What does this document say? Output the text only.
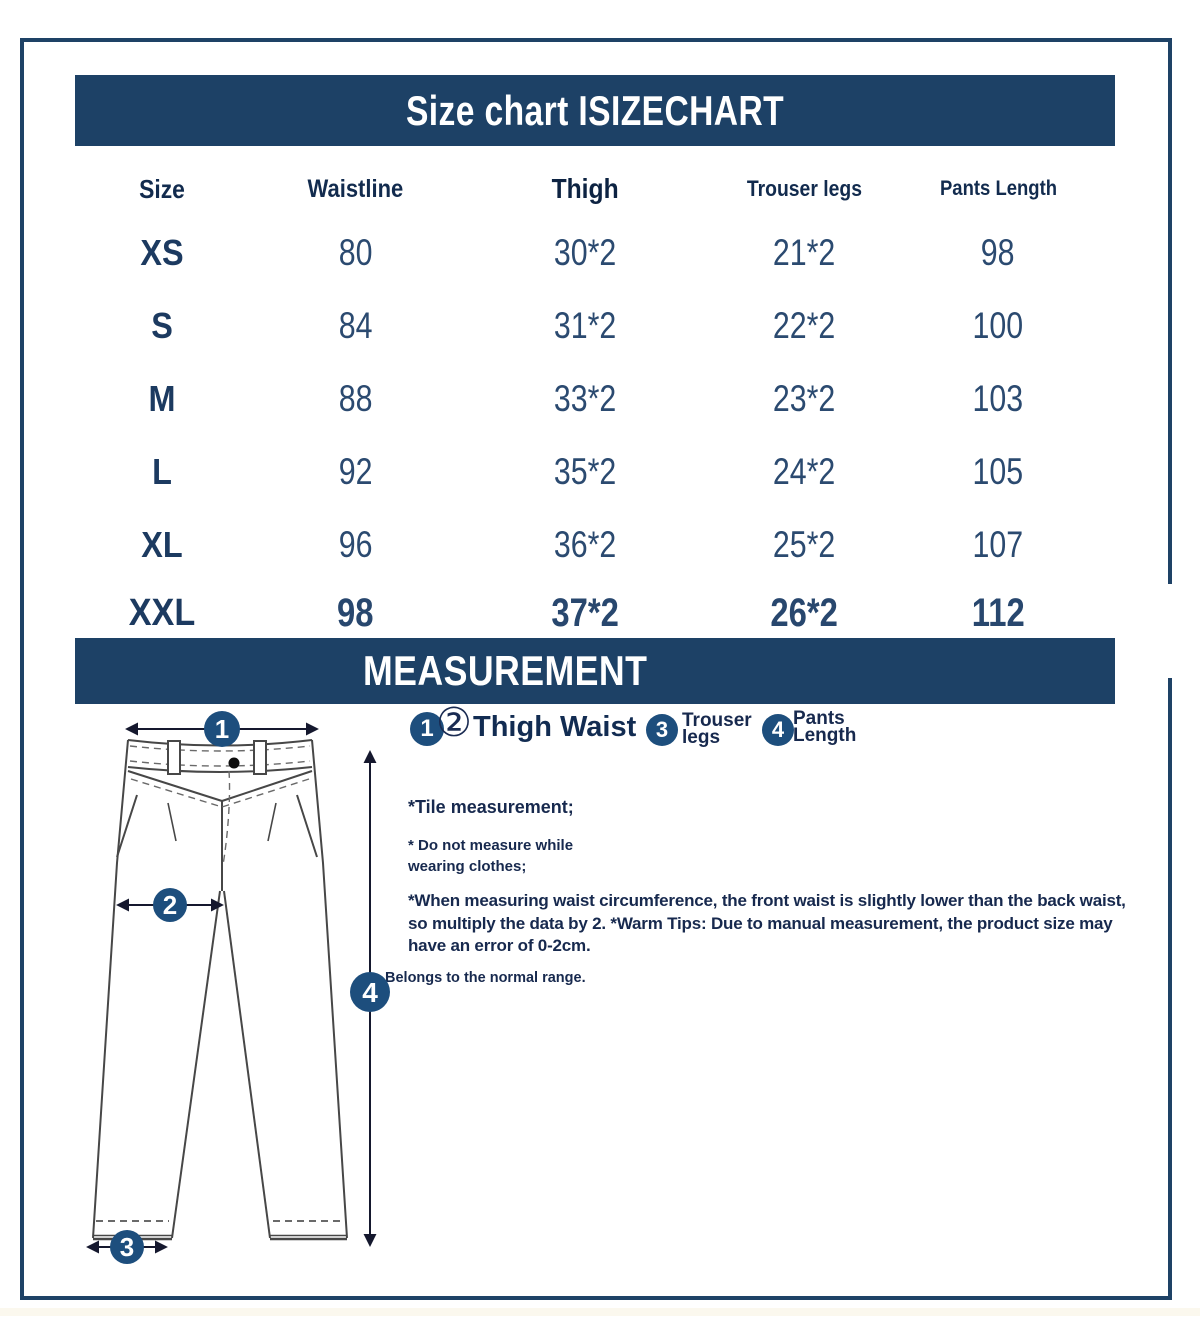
Size chart ISIZECHART
Size	Waistline	Thigh	Trouser legs	Pants Length
XS	80	30*2	21*2	98
S	84	31*2	22*2	100
M	88	33*2	23*2	103
L	92	35*2	24*2	105
XL	96	36*2	25*2	107
XXL	98	37*2	26*2	112
MEASUREMENT
1 ② Thigh Waist 3 Trouser
legs	4 Pants
Length
*Tile measurement;
* Do not measure while
wearing clothes;
*When measuring waist circumference, the front waist is slightly lower than the back waist, so multiply the data by 2. *Warm Tips: Due to manual measurement, the product size may have an error of 0-2cm.
Belongs to the normal range.
1
2
3
4
